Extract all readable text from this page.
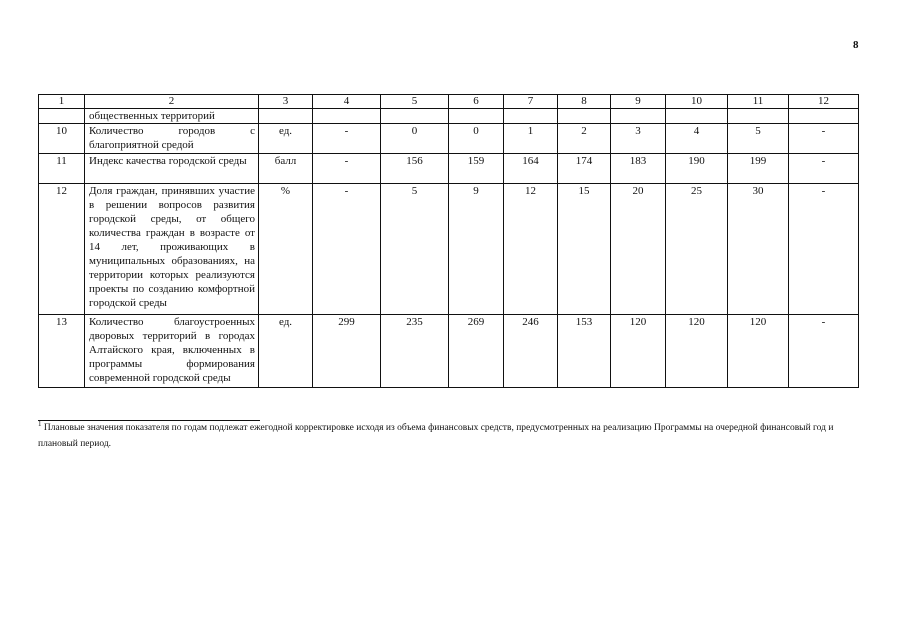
8
1	2	3	4	5	6	7	8	9	10	11	12
	общественных территорий										
10	Количество городов с благоприятной средой	ед.	-	0	0	1	2	3	4	5	-
11	Индекс качества городской среды	балл	-	156	159	164	174	183	190	199	-
12	Доля граждан, принявших участие в решении вопросов развития городской среды, от общего количества граждан в возрасте от 14 лет, проживающих в муниципальных образованиях, на территории которых реализуются проекты по созданию комфортной городской среды	%	-	5	9	12	15	20	25	30	-
13	Количество благоустроенных дворовых территорий в городах Алтайского края, включенных в программы формирования современной городской среды	ед.	299	235	269	246	153	120	120	120	-
$^1$ Плановые значения показателя по годам подлежат ежегодной корректировке исходя из объема финансовых средств, предусмотренных на реализацию Программы на очередной финансовый год и плановый период.
